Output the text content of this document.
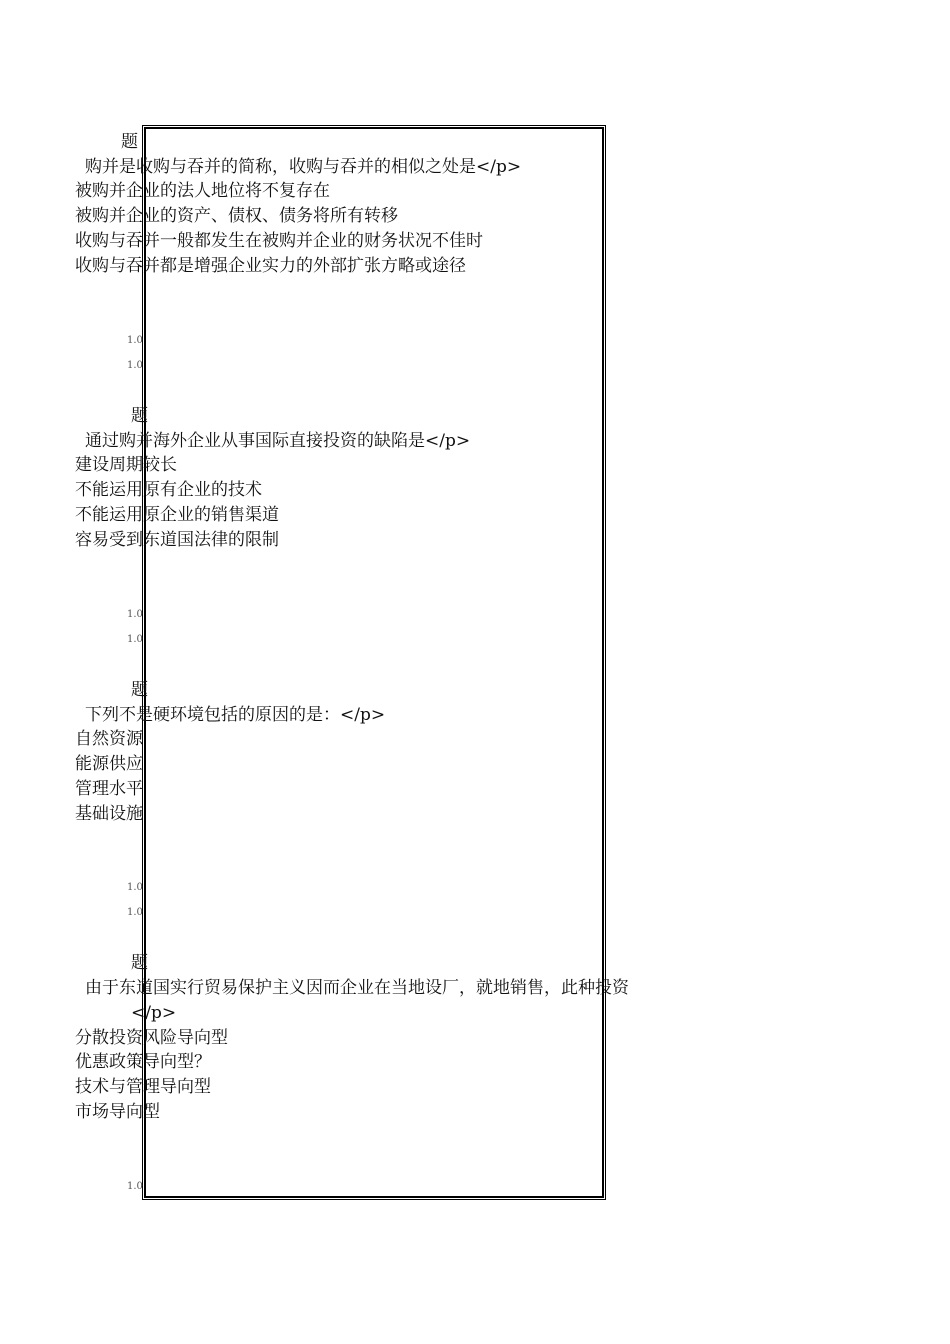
题
购并是收购与吞并的简称，收购与吞并的相似之处是</p>
被购并企业的法人地位将不复存在
被购并企业的资产、债权、债务将所有转移
收购与吞并一般都发生在被购并企业的财务状况不佳时
收购与吞并都是增强企业实力的外部扩张方略或途径
1.0
1.0
题
通过购并海外企业从事国际直接投资的缺陷是</p>
建设周期较长
不能运用原有企业的技术
不能运用原企业的销售渠道
容易受到东道国法律的限制
1.0
1.0
题
下列不是硬环境包括的原因的是：</p>
自然资源
能源供应
管理水平
基础设施
1.0
1.0
题
由于东道国实行贸易保护主义因而企业在当地设厂，就地销售，此种投资
</p>
分散投资风险导向型
优惠政策导向型？
技术与管理导向型
市场导向型
1.0
